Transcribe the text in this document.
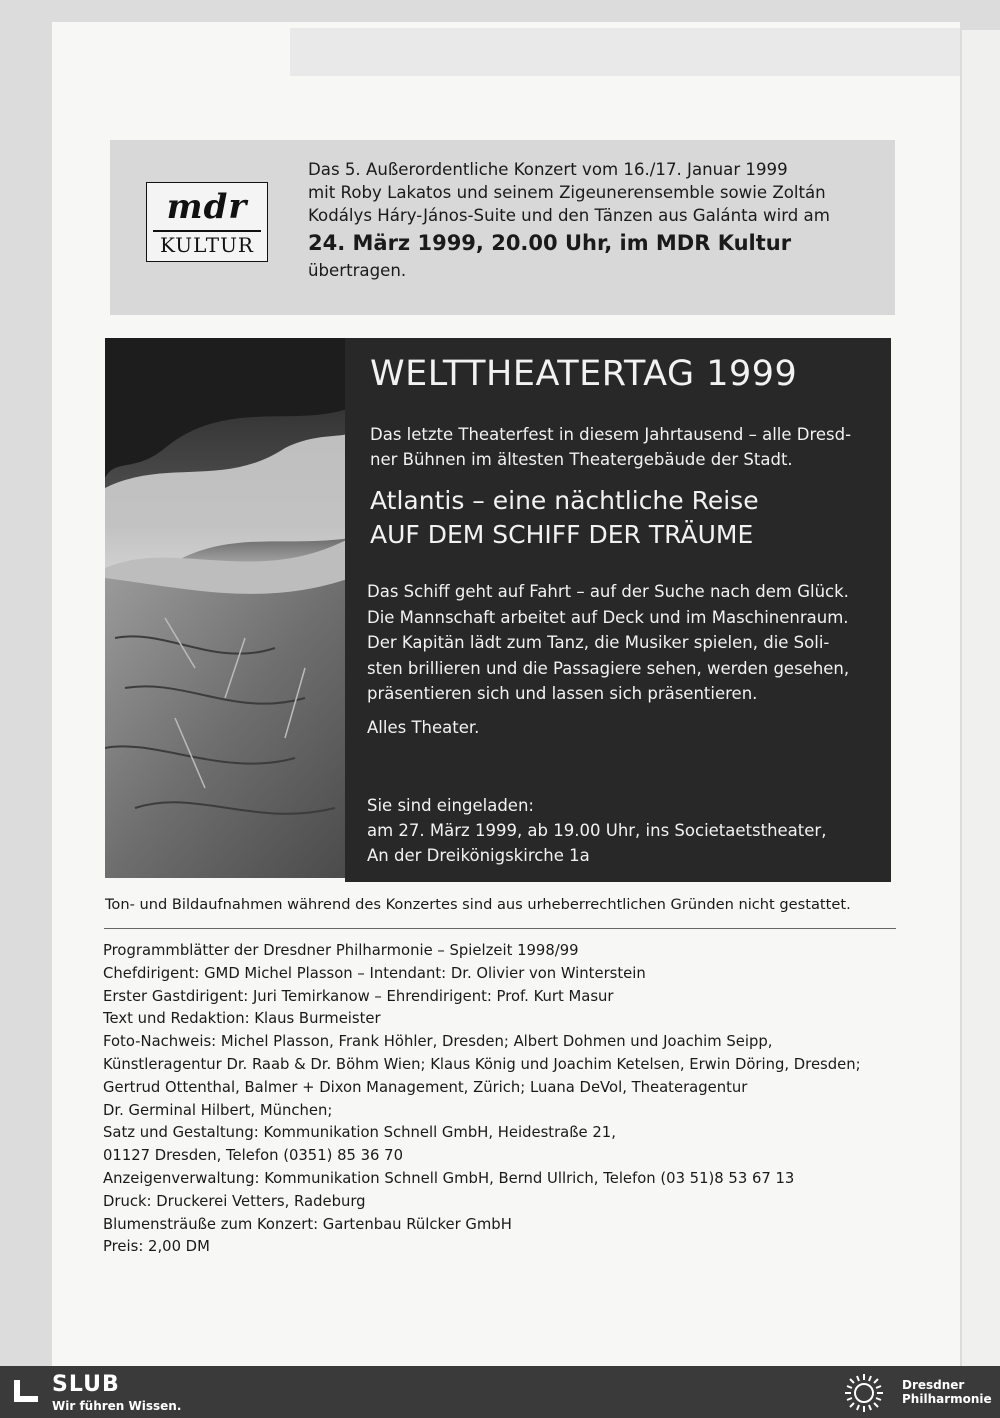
mdr
KULTUR
Das 5. Außerordentliche Konzert vom 16./17. Januar 1999
mit Roby Lakatos und seinem Zigeunerensemble sowie Zoltán
Kodálys Háry-János-Suite und den Tänzen aus Galánta wird am
24. März 1999, 20.00 Uhr, im MDR Kultur
übertragen.
WELTTHEATERTAG 1999
Das letzte Theaterfest in diesem Jahrtausend – alle Dresd-
ner Bühnen im ältesten Theatergebäude der Stadt.
Atlantis – eine nächtliche Reise
AUF DEM SCHIFF DER TRÄUME
Das Schiff geht auf Fahrt – auf der Suche nach dem Glück.
Die Mannschaft arbeitet auf Deck und im Maschinenraum.
Der Kapitän lädt zum Tanz, die Musiker spielen, die Soli-
sten brillieren und die Passagiere sehen, werden gesehen,
präsentieren sich und lassen sich präsentieren.
Alles Theater.
Sie sind eingeladen:
am 27. März 1999, ab 19.00 Uhr, ins Societaetstheater,
An der Dreikönigskirche 1a
Ton- und Bildaufnahmen während des Konzertes sind aus urheberrechtlichen Gründen nicht gestattet.
Programmblätter der Dresdner Philharmonie – Spielzeit 1998/99
Chefdirigent: GMD Michel Plasson – Intendant: Dr. Olivier von Winterstein
Erster Gastdirigent: Juri Temirkanow – Ehrendirigent: Prof. Kurt Masur
Text und Redaktion: Klaus Burmeister
Foto-Nachweis: Michel Plasson, Frank Höhler, Dresden; Albert Dohmen und Joachim Seipp,
Künstleragentur Dr. Raab & Dr. Böhm Wien; Klaus König und Joachim Ketelsen, Erwin Döring, Dresden;
Gertrud Ottenthal, Balmer + Dixon Management, Zürich; Luana DeVol, Theateragentur
Dr. Germinal Hilbert, München;
Satz und Gestaltung: Kommunikation Schnell GmbH, Heidestraße 21,
01127 Dresden, Telefon (0351) 85 36 70
Anzeigenverwaltung: Kommunikation Schnell GmbH, Bernd Ullrich, Telefon (03 51)8 53 67 13
Druck: Druckerei Vetters, Radeburg
Blumensträuße zum Konzert: Gartenbau Rülcker GmbH
Preis: 2,00 DM
SLUB
Wir führen Wissen.
Dresdner
Philharmonie
